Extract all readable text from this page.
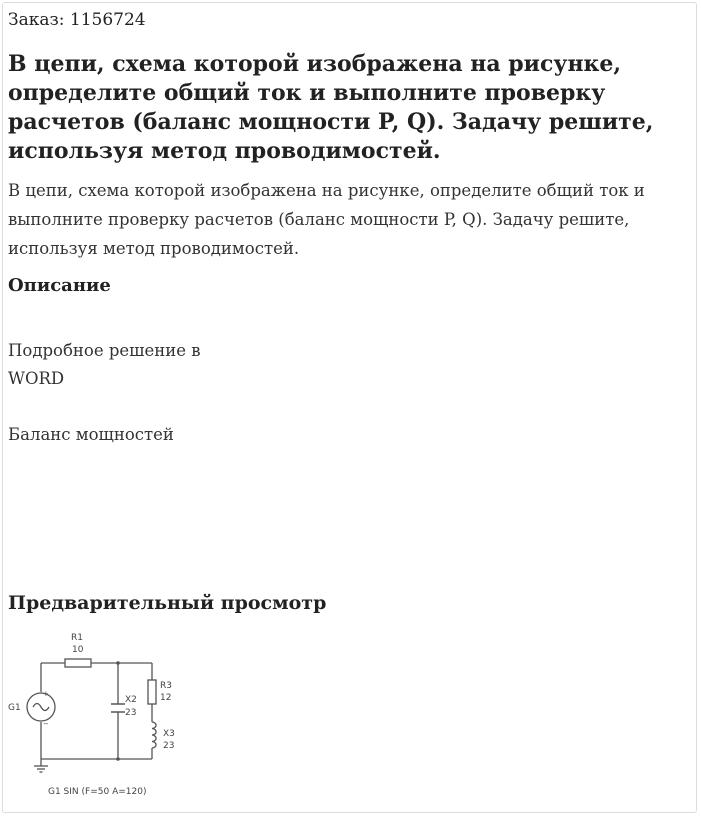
Заказ: 1156724
В цепи, схема которой изображена на рисунке, определите общий ток и выполните проверку расчетов (баланс мощности P, Q). Задачу решите, используя метод проводимостей.

В цепи, схема которой изображена на рисунке, определите общий ток и выполните проверку расчетов (баланс мощности P, Q). Задачу решите, используя метод проводимостей.

Описание
Подробное решение в WORD
Баланс мощностей
Предварительный просмотр
+
−
R1
10
R3
12
X2
23
X3
23
G1
G1 SIN (F=50 A=120)
